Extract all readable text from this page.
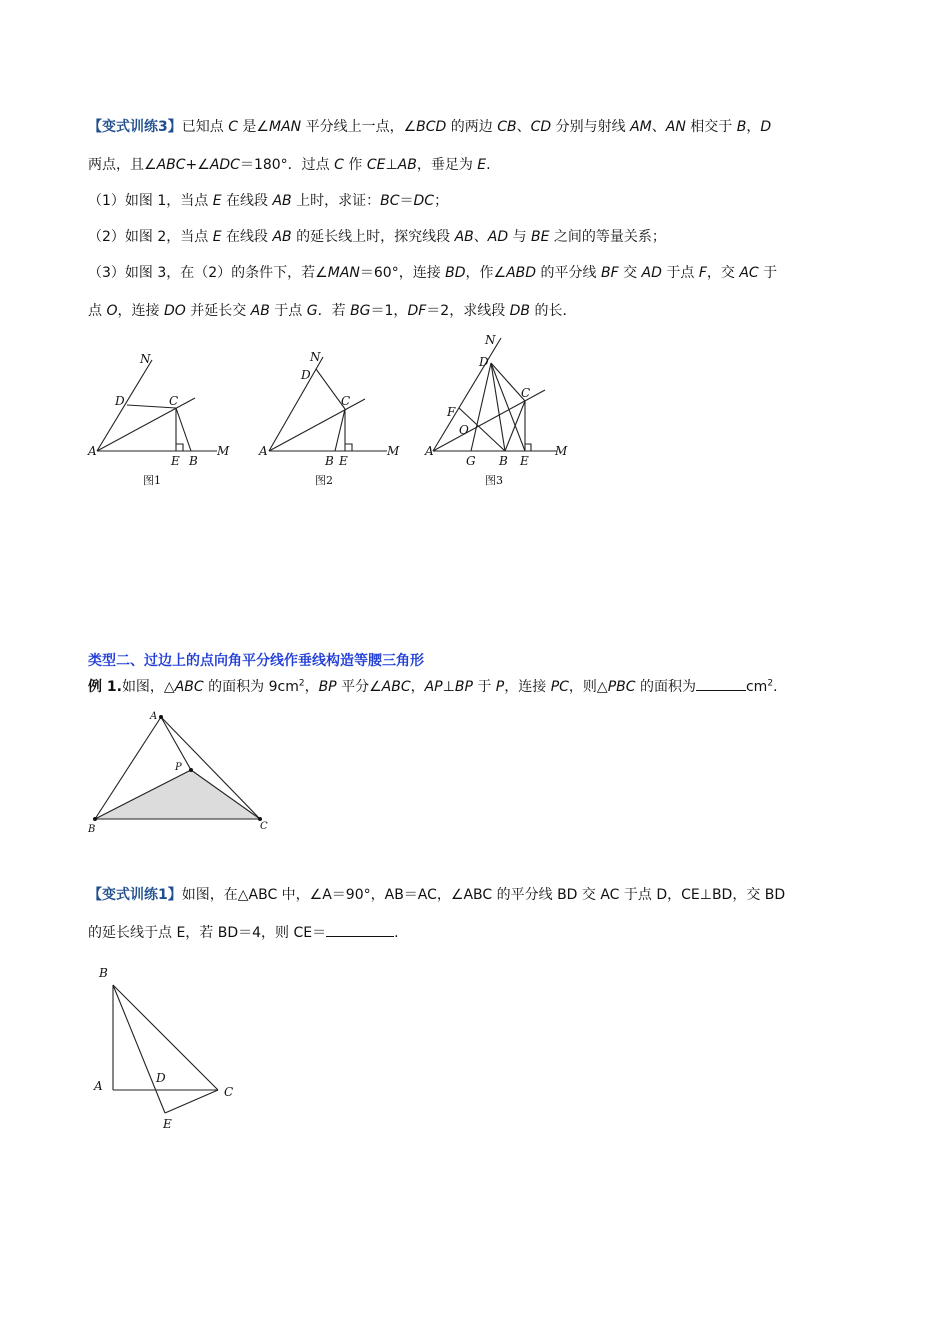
【变式训练3】已知点 C 是∠MAN 平分线上一点，∠BCD 的两边 CB、CD 分别与射线 AM、AN 相交于 B，D
两点，且∠ABC+∠ADC＝180°．过点 C 作 CE⊥AB，垂足为 E.
（1）如图 1，当点 E 在线段 AB 上时，求证：BC＝DC；
（2）如图 2，当点 E 在线段 AB 的延长线上时，探究线段 AB、AD 与 BE 之间的等量关系；
（3）如图 3，在（2）的条件下，若∠MAN＝60°，连接 BD，作∠ABD 的平分线 BF 交 AD 于点 F，交 AC 于
点 O，连接 DO 并延长交 AB 于点 G．若 BG＝1，DF＝2，求线段 DB 的长．
N
D	C
A
E B
M
图1
N
D
C
A
B E
M
图2
N
D
C
F
O
A
G B E
M
图3
类型二、过边上的点向角平分线作垂线构造等腰三角形
例 1.如图，△ABC 的面积为 $9cm^2$，BP 平分∠ABC，AP⊥BP 于 P，连接 PC，则△PBC 的面积为	$cm^2$.
A
P
B	C
【变式训练1】如图，在△ABC 中，∠A＝90°，AB＝AC，∠ABC 的平分线 BD 交 AC 于点 D，CE⊥BD，交 BD
的延长线于点 E，若 BD＝4，则 CE＝	.
B
A
D
C
E
